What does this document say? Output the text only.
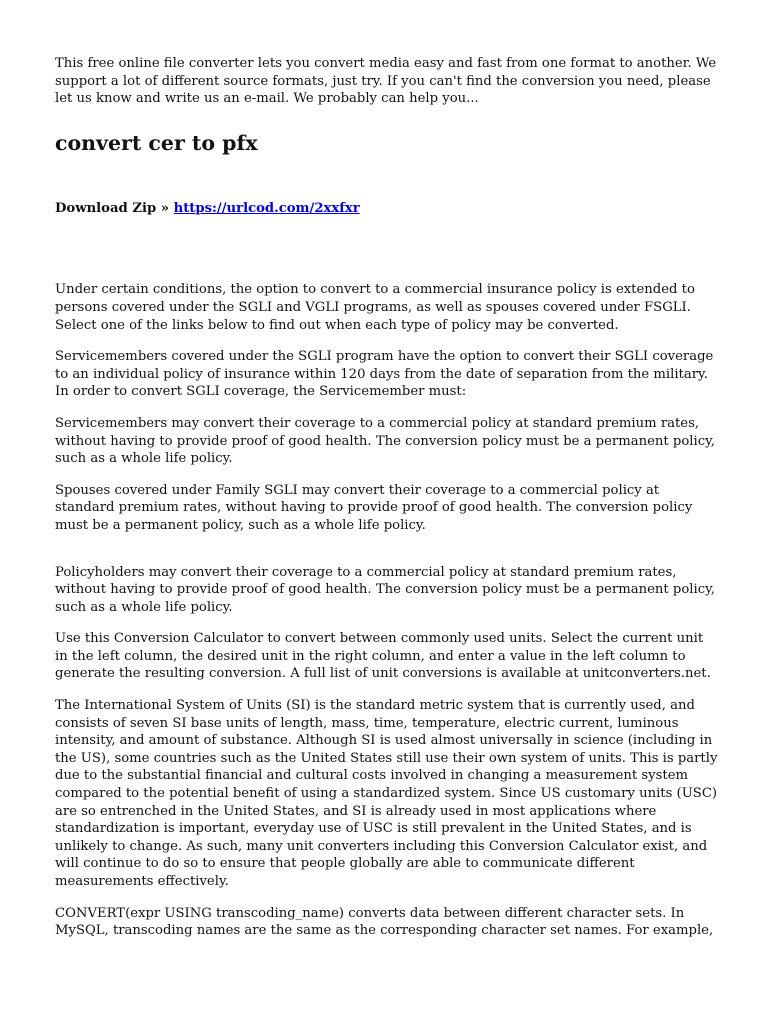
This free online file converter lets you convert media easy and fast from one format to another. We support a lot of different source formats, just try. If you can't find the conversion you need, please let us know and write us an e-mail. We probably can help you...

convert cer to pfx

Download Zip » https://urlcod.com/2xxfxr

Under certain conditions, the option to convert to a commercial insurance policy is extended to persons covered under the SGLI and VGLI programs, as well as spouses covered under FSGLI. Select one of the links below to find out when each type of policy may be converted.

Servicemembers covered under the SGLI program have the option to convert their SGLI coverage to an individual policy of insurance within 120 days from the date of separation from the military. In order to convert SGLI coverage, the Servicemember must:

Servicemembers may convert their coverage to a commercial policy at standard premium rates, without having to provide proof of good health. The conversion policy must be a permanent policy, such as a whole life policy.

Spouses covered under Family SGLI may convert their coverage to a commercial policy at standard premium rates, without having to provide proof of good health. The conversion policy must be a permanent policy, such as a whole life policy.

Policyholders may convert their coverage to a commercial policy at standard premium rates, without having to provide proof of good health. The conversion policy must be a permanent policy, such as a whole life policy.

Use this Conversion Calculator to convert between commonly used units. Select the current unit in the left column, the desired unit in the right column, and enter a value in the left column to generate the resulting conversion. A full list of unit conversions is available at unitconverters.net.

The International System of Units (SI) is the standard metric system that is currently used, and consists of seven SI base units of length, mass, time, temperature, electric current, luminous intensity, and amount of substance. Although SI is used almost universally in science (including in the US), some countries such as the United States still use their own system of units. This is partly due to the substantial financial and cultural costs involved in changing a measurement system compared to the potential benefit of using a standardized system. Since US customary units (USC) are so entrenched in the United States, and SI is already used in most applications where standardization is important, everyday use of USC is still prevalent in the United States, and is unlikely to change. As such, many unit converters including this Conversion Calculator exist, and will continue to do so to ensure that people globally are able to communicate different measurements effectively.

CONVERT(expr USING transcoding_name) converts data between different character sets. In MySQL, transcoding names are the same as the corresponding character set names. For example,
